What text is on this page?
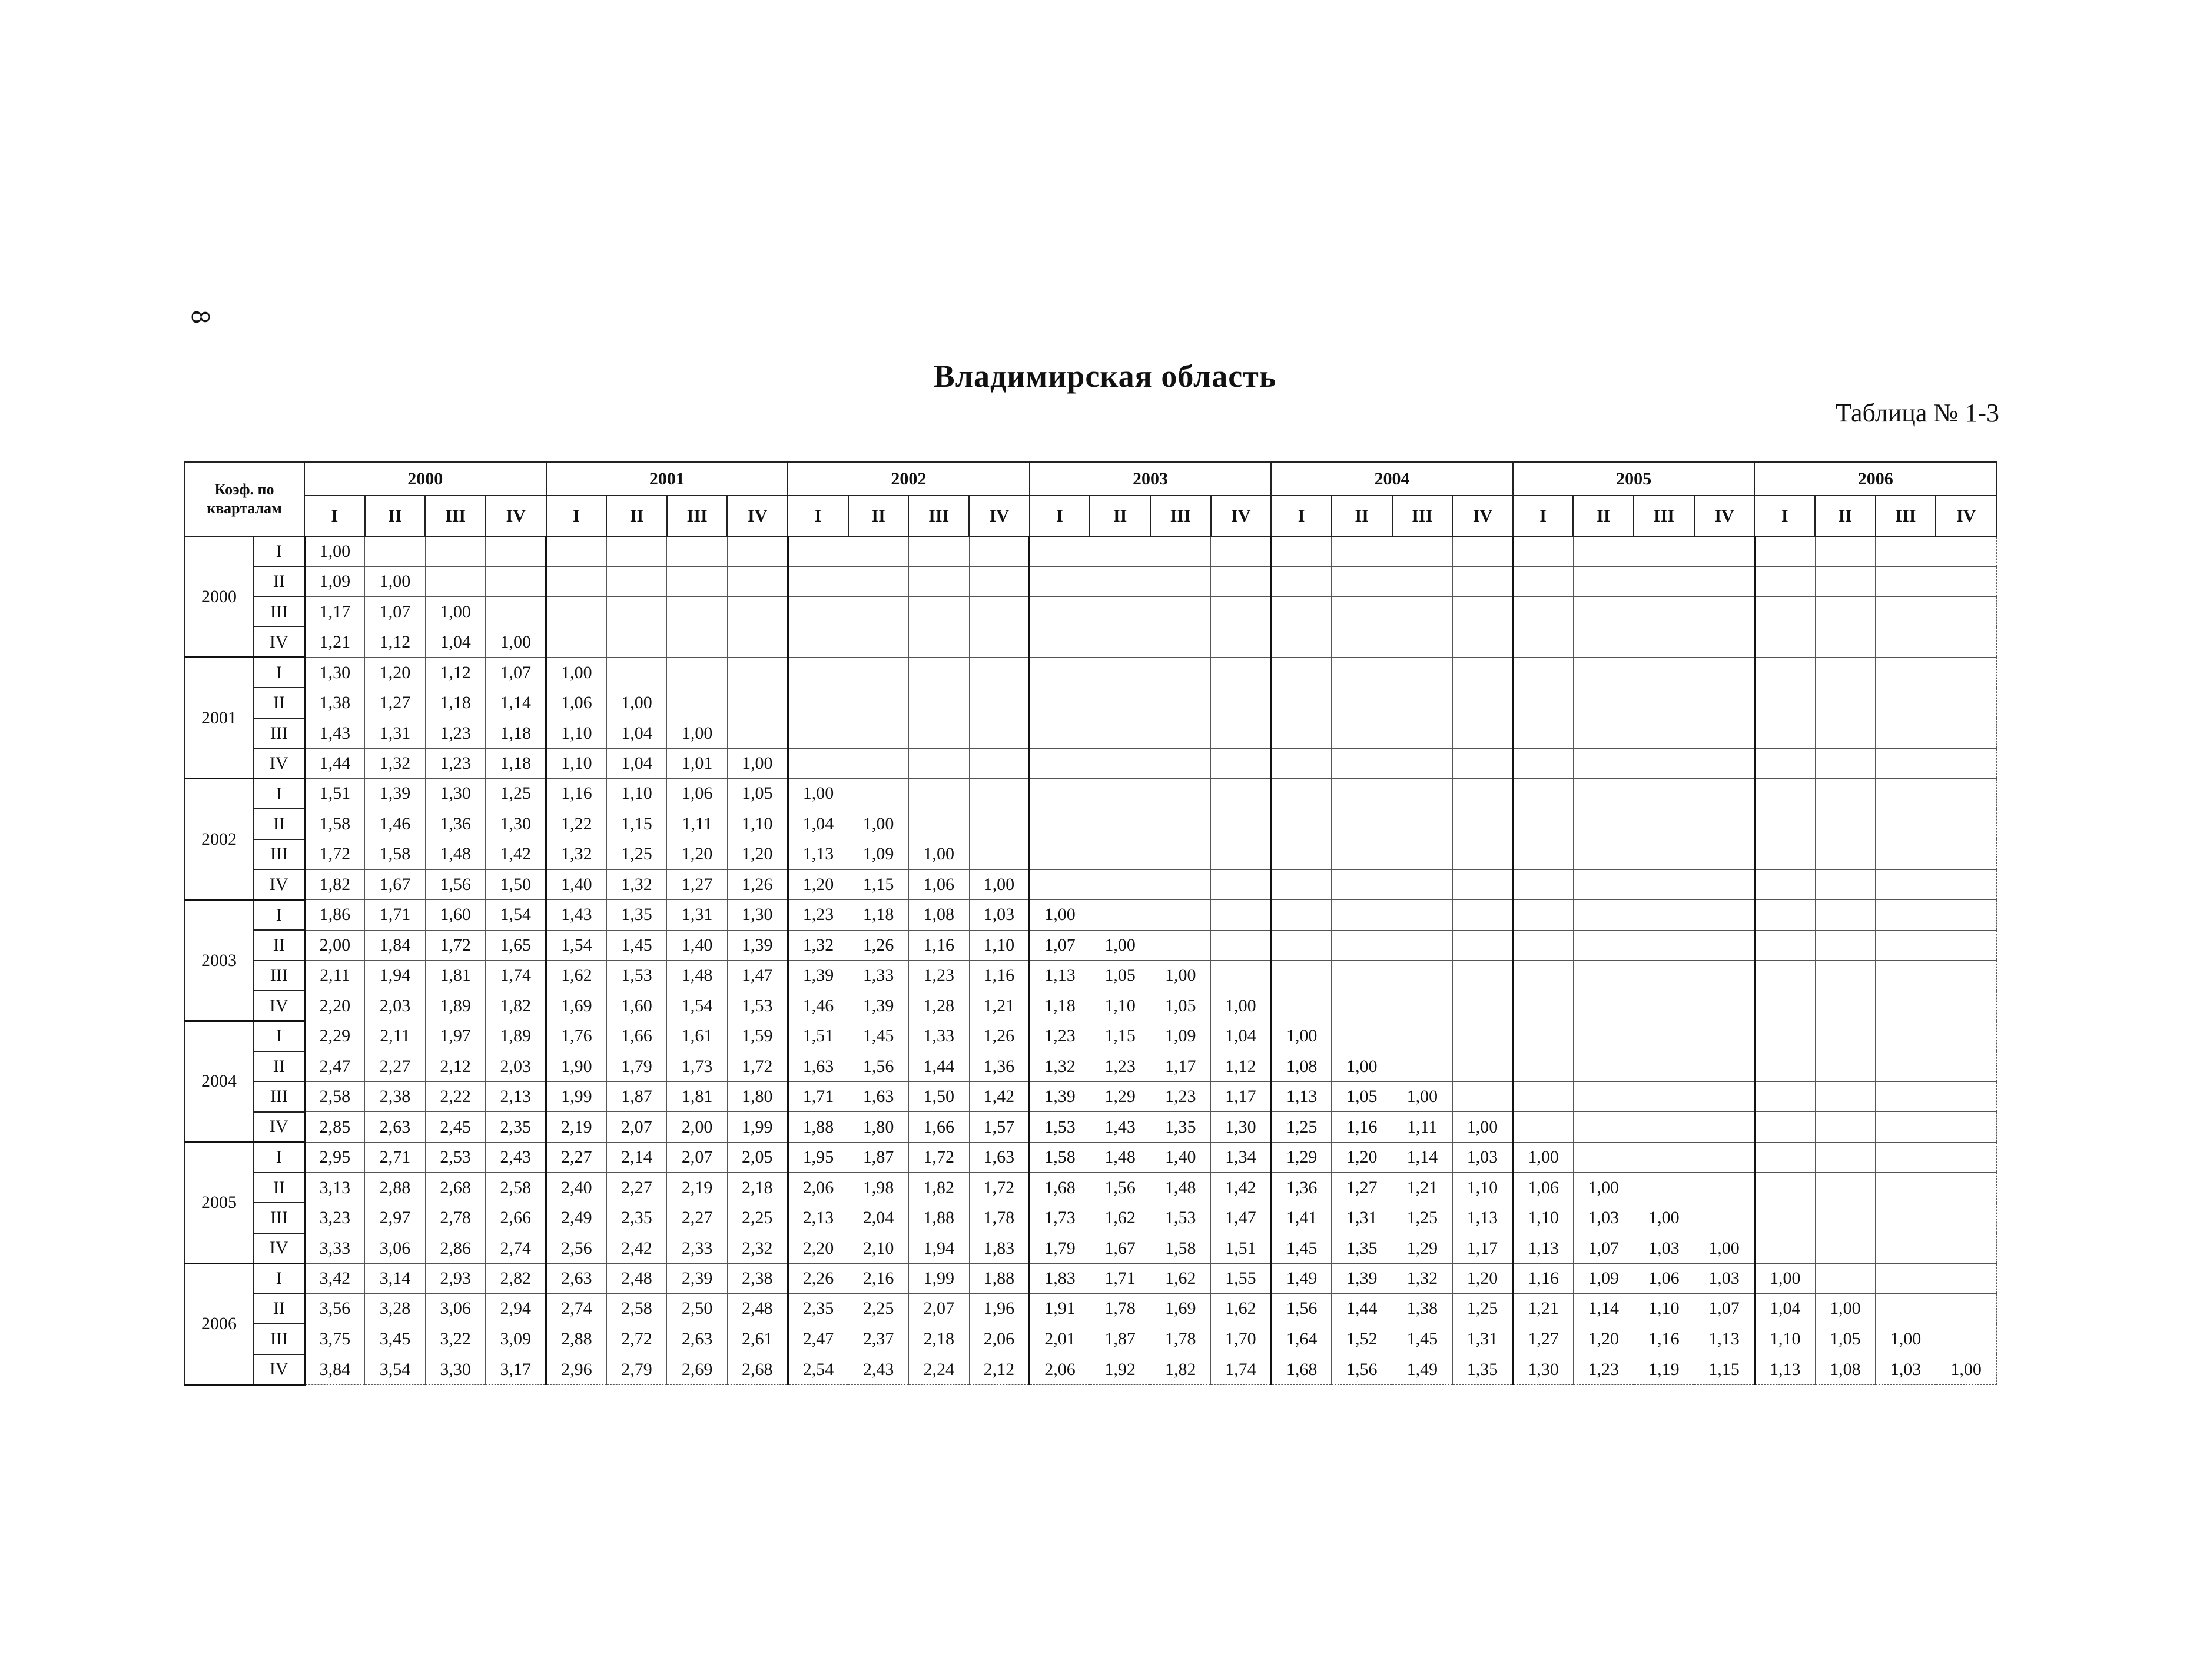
8
Владимирская область
Таблица № 1-3
Коэф. по кварталам		2000				2001				2002				2003				2004				2005				2006			
		I	II	III	IV	I	II	III	IV	I	II	III	IV	I	II	III	IV	I	II	III	IV	I	II	III	IV	I	II	III	IV
2000	I	1,00																											
	II	1,09	1,00																										
	III	1,17	1,07	1,00																									
	IV	1,21	1,12	1,04	1,00																								
2001	I	1,30	1,20	1,12	1,07	1,00																							
	II	1,38	1,27	1,18	1,14	1,06	1,00																						
	III	1,43	1,31	1,23	1,18	1,10	1,04	1,00																					
	IV	1,44	1,32	1,23	1,18	1,10	1,04	1,01	1,00																				
2002	I	1,51	1,39	1,30	1,25	1,16	1,10	1,06	1,05	1,00																			
	II	1,58	1,46	1,36	1,30	1,22	1,15	1,11	1,10	1,04	1,00																		
	III	1,72	1,58	1,48	1,42	1,32	1,25	1,20	1,20	1,13	1,09	1,00																	
	IV	1,82	1,67	1,56	1,50	1,40	1,32	1,27	1,26	1,20	1,15	1,06	1,00																
2003	I	1,86	1,71	1,60	1,54	1,43	1,35	1,31	1,30	1,23	1,18	1,08	1,03	1,00															
	II	2,00	1,84	1,72	1,65	1,54	1,45	1,40	1,39	1,32	1,26	1,16	1,10	1,07	1,00														
	III	2,11	1,94	1,81	1,74	1,62	1,53	1,48	1,47	1,39	1,33	1,23	1,16	1,13	1,05	1,00													
	IV	2,20	2,03	1,89	1,82	1,69	1,60	1,54	1,53	1,46	1,39	1,28	1,21	1,18	1,10	1,05	1,00												
2004	I	2,29	2,11	1,97	1,89	1,76	1,66	1,61	1,59	1,51	1,45	1,33	1,26	1,23	1,15	1,09	1,04	1,00											
	II	2,47	2,27	2,12	2,03	1,90	1,79	1,73	1,72	1,63	1,56	1,44	1,36	1,32	1,23	1,17	1,12	1,08	1,00										
	III	2,58	2,38	2,22	2,13	1,99	1,87	1,81	1,80	1,71	1,63	1,50	1,42	1,39	1,29	1,23	1,17	1,13	1,05	1,00									
	IV	2,85	2,63	2,45	2,35	2,19	2,07	2,00	1,99	1,88	1,80	1,66	1,57	1,53	1,43	1,35	1,30	1,25	1,16	1,11	1,00								
2005	I	2,95	2,71	2,53	2,43	2,27	2,14	2,07	2,05	1,95	1,87	1,72	1,63	1,58	1,48	1,40	1,34	1,29	1,20	1,14	1,03	1,00							
	II	3,13	2,88	2,68	2,58	2,40	2,27	2,19	2,18	2,06	1,98	1,82	1,72	1,68	1,56	1,48	1,42	1,36	1,27	1,21	1,10	1,06	1,00						
	III	3,23	2,97	2,78	2,66	2,49	2,35	2,27	2,25	2,13	2,04	1,88	1,78	1,73	1,62	1,53	1,47	1,41	1,31	1,25	1,13	1,10	1,03	1,00					
	IV	3,33	3,06	2,86	2,74	2,56	2,42	2,33	2,32	2,20	2,10	1,94	1,83	1,79	1,67	1,58	1,51	1,45	1,35	1,29	1,17	1,13	1,07	1,03	1,00				
2006	I	3,42	3,14	2,93	2,82	2,63	2,48	2,39	2,38	2,26	2,16	1,99	1,88	1,83	1,71	1,62	1,55	1,49	1,39	1,32	1,20	1,16	1,09	1,06	1,03	1,00			
	II	3,56	3,28	3,06	2,94	2,74	2,58	2,50	2,48	2,35	2,25	2,07	1,96	1,91	1,78	1,69	1,62	1,56	1,44	1,38	1,25	1,21	1,14	1,10	1,07	1,04	1,00		
	III	3,75	3,45	3,22	3,09	2,88	2,72	2,63	2,61	2,47	2,37	2,18	2,06	2,01	1,87	1,78	1,70	1,64	1,52	1,45	1,31	1,27	1,20	1,16	1,13	1,10	1,05	1,00	
	IV	3,84	3,54	3,30	3,17	2,96	2,79	2,69	2,68	2,54	2,43	2,24	2,12	2,06	1,92	1,82	1,74	1,68	1,56	1,49	1,35	1,30	1,23	1,19	1,15	1,13	1,08	1,03	1,00
